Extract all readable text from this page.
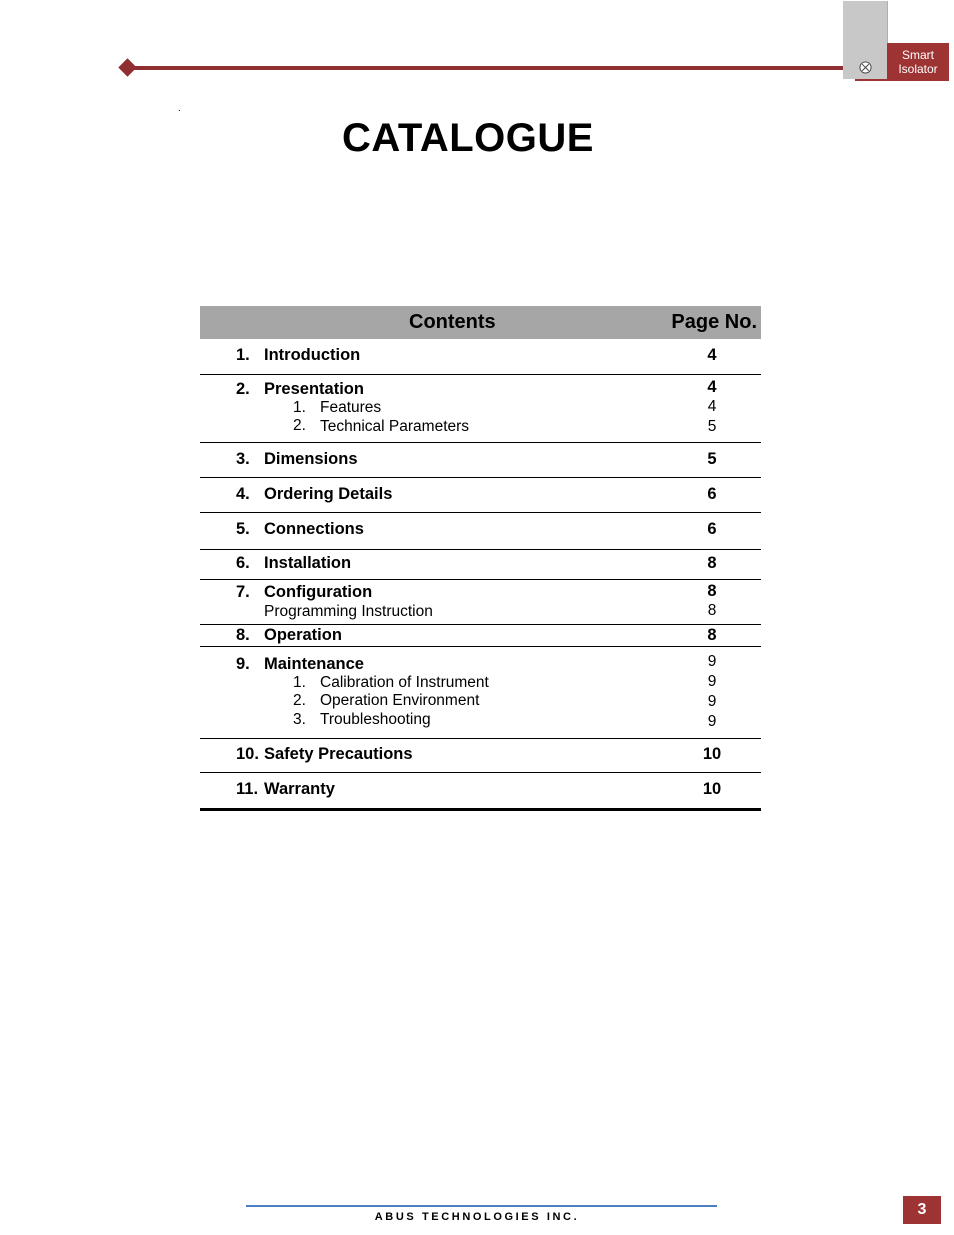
Smart
Isolator
.
CATALOGUE
Contents	Page No.
1. Introduction	4
2. Presentation	4
1. Features	4
2. Technical Parameters	5
3. Dimensions	5
4. Ordering Details	6
5. Connections	6
6. Installation	8
7. Configuration	8
Programming Instruction	8
8. Operation	8
9. Maintenance	9
1. Calibration of Instrument	9
2. Operation Environment	9
3. Troubleshooting	9
10. Safety Precautions	10
11. Warranty	10
ABUS TECHNOLOGIES INC.	3
